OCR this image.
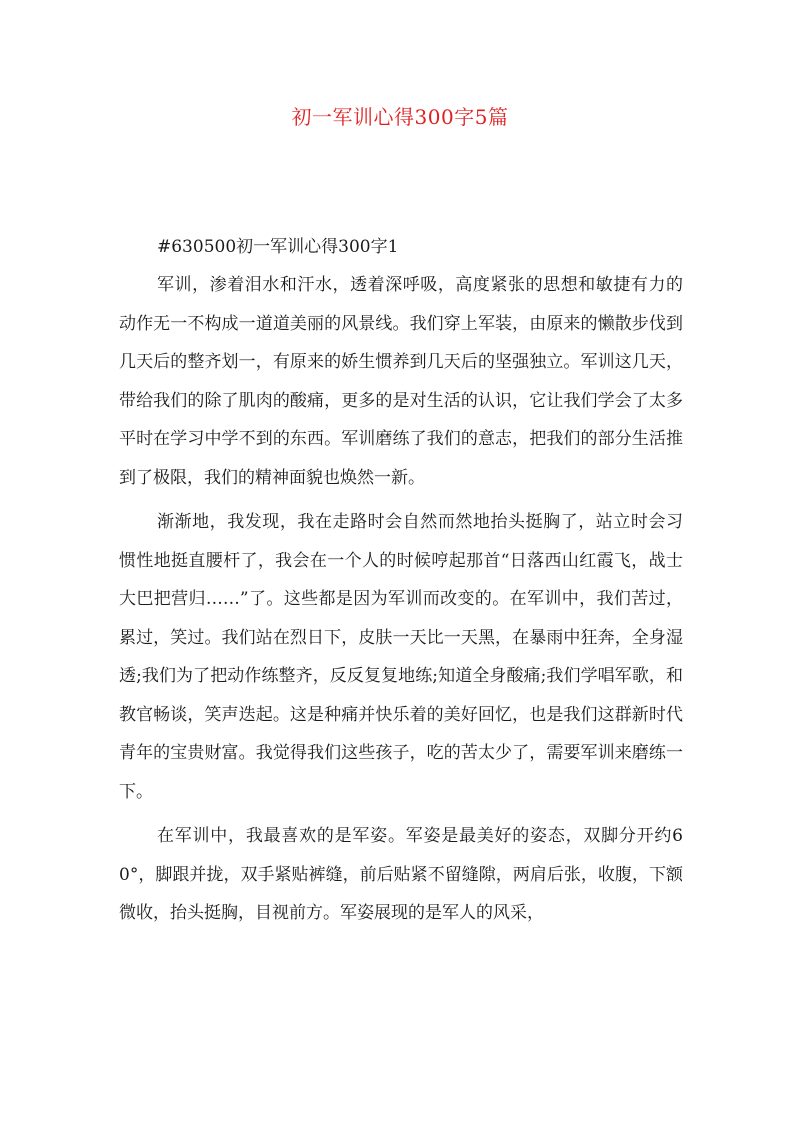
初一军训心得300字5篇
#630500初一军训心得300字1

军训，渗着泪水和汗水，透着深呼吸，高度紧张的思想和敏捷有力的动作无一不构成一道道美丽的风景线。我们穿上军装，由原来的懒散步伐到几天后的整齐划一，有原来的娇生惯养到几天后的坚强独立。军训这几天，带给我们的除了肌肉的酸痛，更多的是对生活的认识，它让我们学会了太多平时在学习中学不到的东西。军训磨练了我们的意志，把我们的部分生活推到了极限，我们的精神面貌也焕然一新。

渐渐地，我发现，我在走路时会自然而然地抬头挺胸了，站立时会习惯性地挺直腰杆了，我会在一个人的时候哼起那首“日落西山红霞飞，战士大巴把营归……”了。这些都是因为军训而改变的。在军训中，我们苦过，累过，笑过。我们站在烈日下，皮肤一天比一天黑，在暴雨中狂奔，全身湿透;我们为了把动作练整齐，反反复复地练;知道全身酸痛;我们学唱军歌，和教官畅谈，笑声迭起。这是种痛并快乐着的美好回忆，也是我们这群新时代青年的宝贵财富。我觉得我们这些孩子，吃的苦太少了，需要军训来磨练一下。

在军训中，我最喜欢的是军姿。军姿是最美好的姿态，双脚分开约60°，脚跟并拢，双手紧贴裤缝，前后贴紧不留缝隙，两肩后张，收腹，下额微收，抬头挺胸，目视前方。军姿展现的是军人的风采，
